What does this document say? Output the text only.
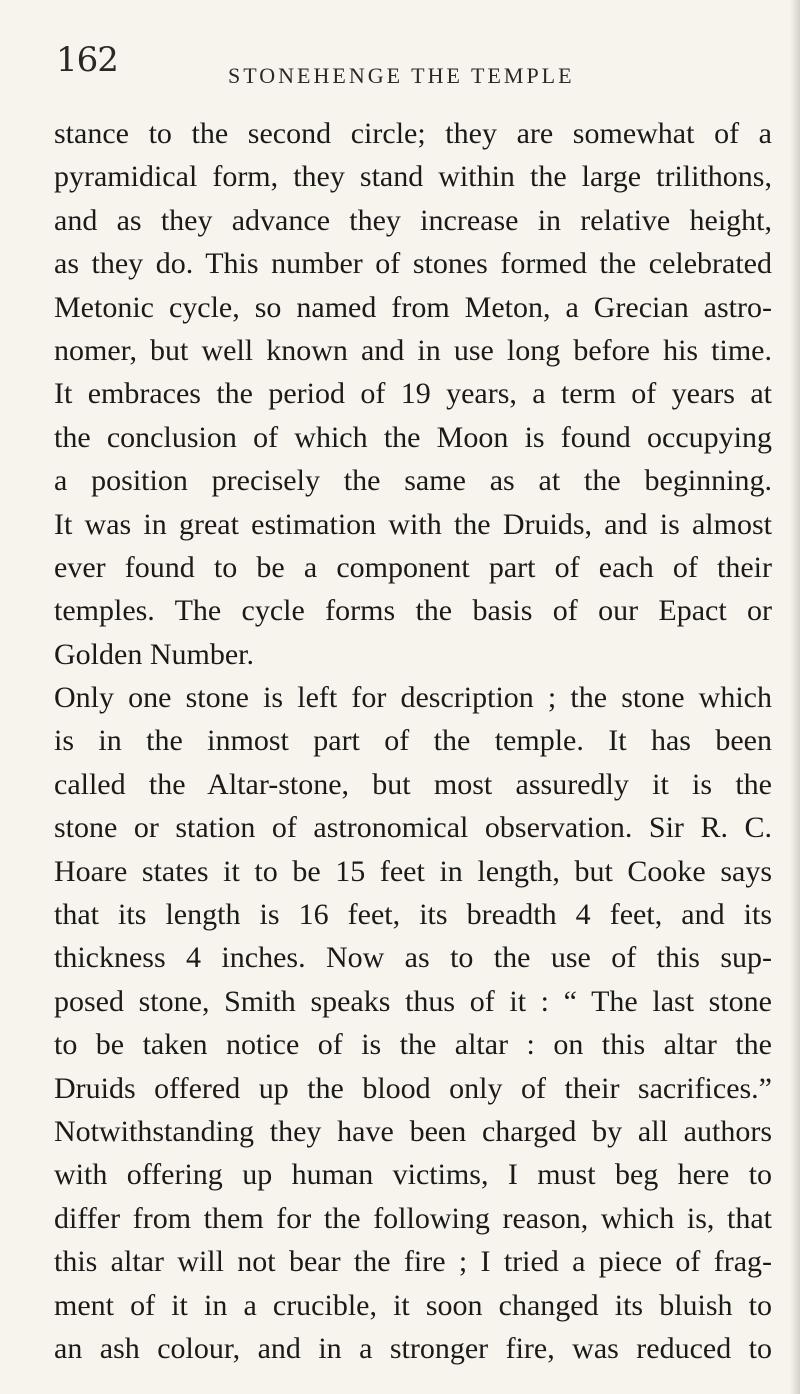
162	STONEHENGE THE TEMPLE
stance to the second circle; they are somewhat of a
pyramidical form, they stand within the large trilithons,
and as they advance they increase in relative height,
as they do. This number of stones formed the celebrated
Metonic cycle, so named from Meton, a Grecian astro-
nomer, but well known and in use long before his time.
It embraces the period of 19 years, a term of years at
the conclusion of which the Moon is found occupying
a position precisely the same as at the beginning.
It was in great estimation with the Druids, and is almost
ever found to be a component part of each of their
temples. The cycle forms the basis of our Epact or
Golden Number.
Only one stone is left for description ; the stone which
is in the inmost part of the temple. It has been
called the Altar-stone, but most assuredly it is the
stone or station of astronomical observation. Sir R. C.
Hoare states it to be 15 feet in length, but Cooke says
that its length is 16 feet, its breadth 4 feet, and its
thickness 4 inches. Now as to the use of this sup-
posed stone, Smith speaks thus of it : “ The last stone
to be taken notice of is the altar : on this altar the
Druids offered up the blood only of their sacrifices.”
Notwithstanding they have been charged by all authors
with offering up human victims, I must beg here to
differ from them for the following reason, which is, that
this altar will not bear the fire ; I tried a piece of frag-
ment of it in a crucible, it soon changed its bluish to
an ash colour, and in a stronger fire, was reduced to
